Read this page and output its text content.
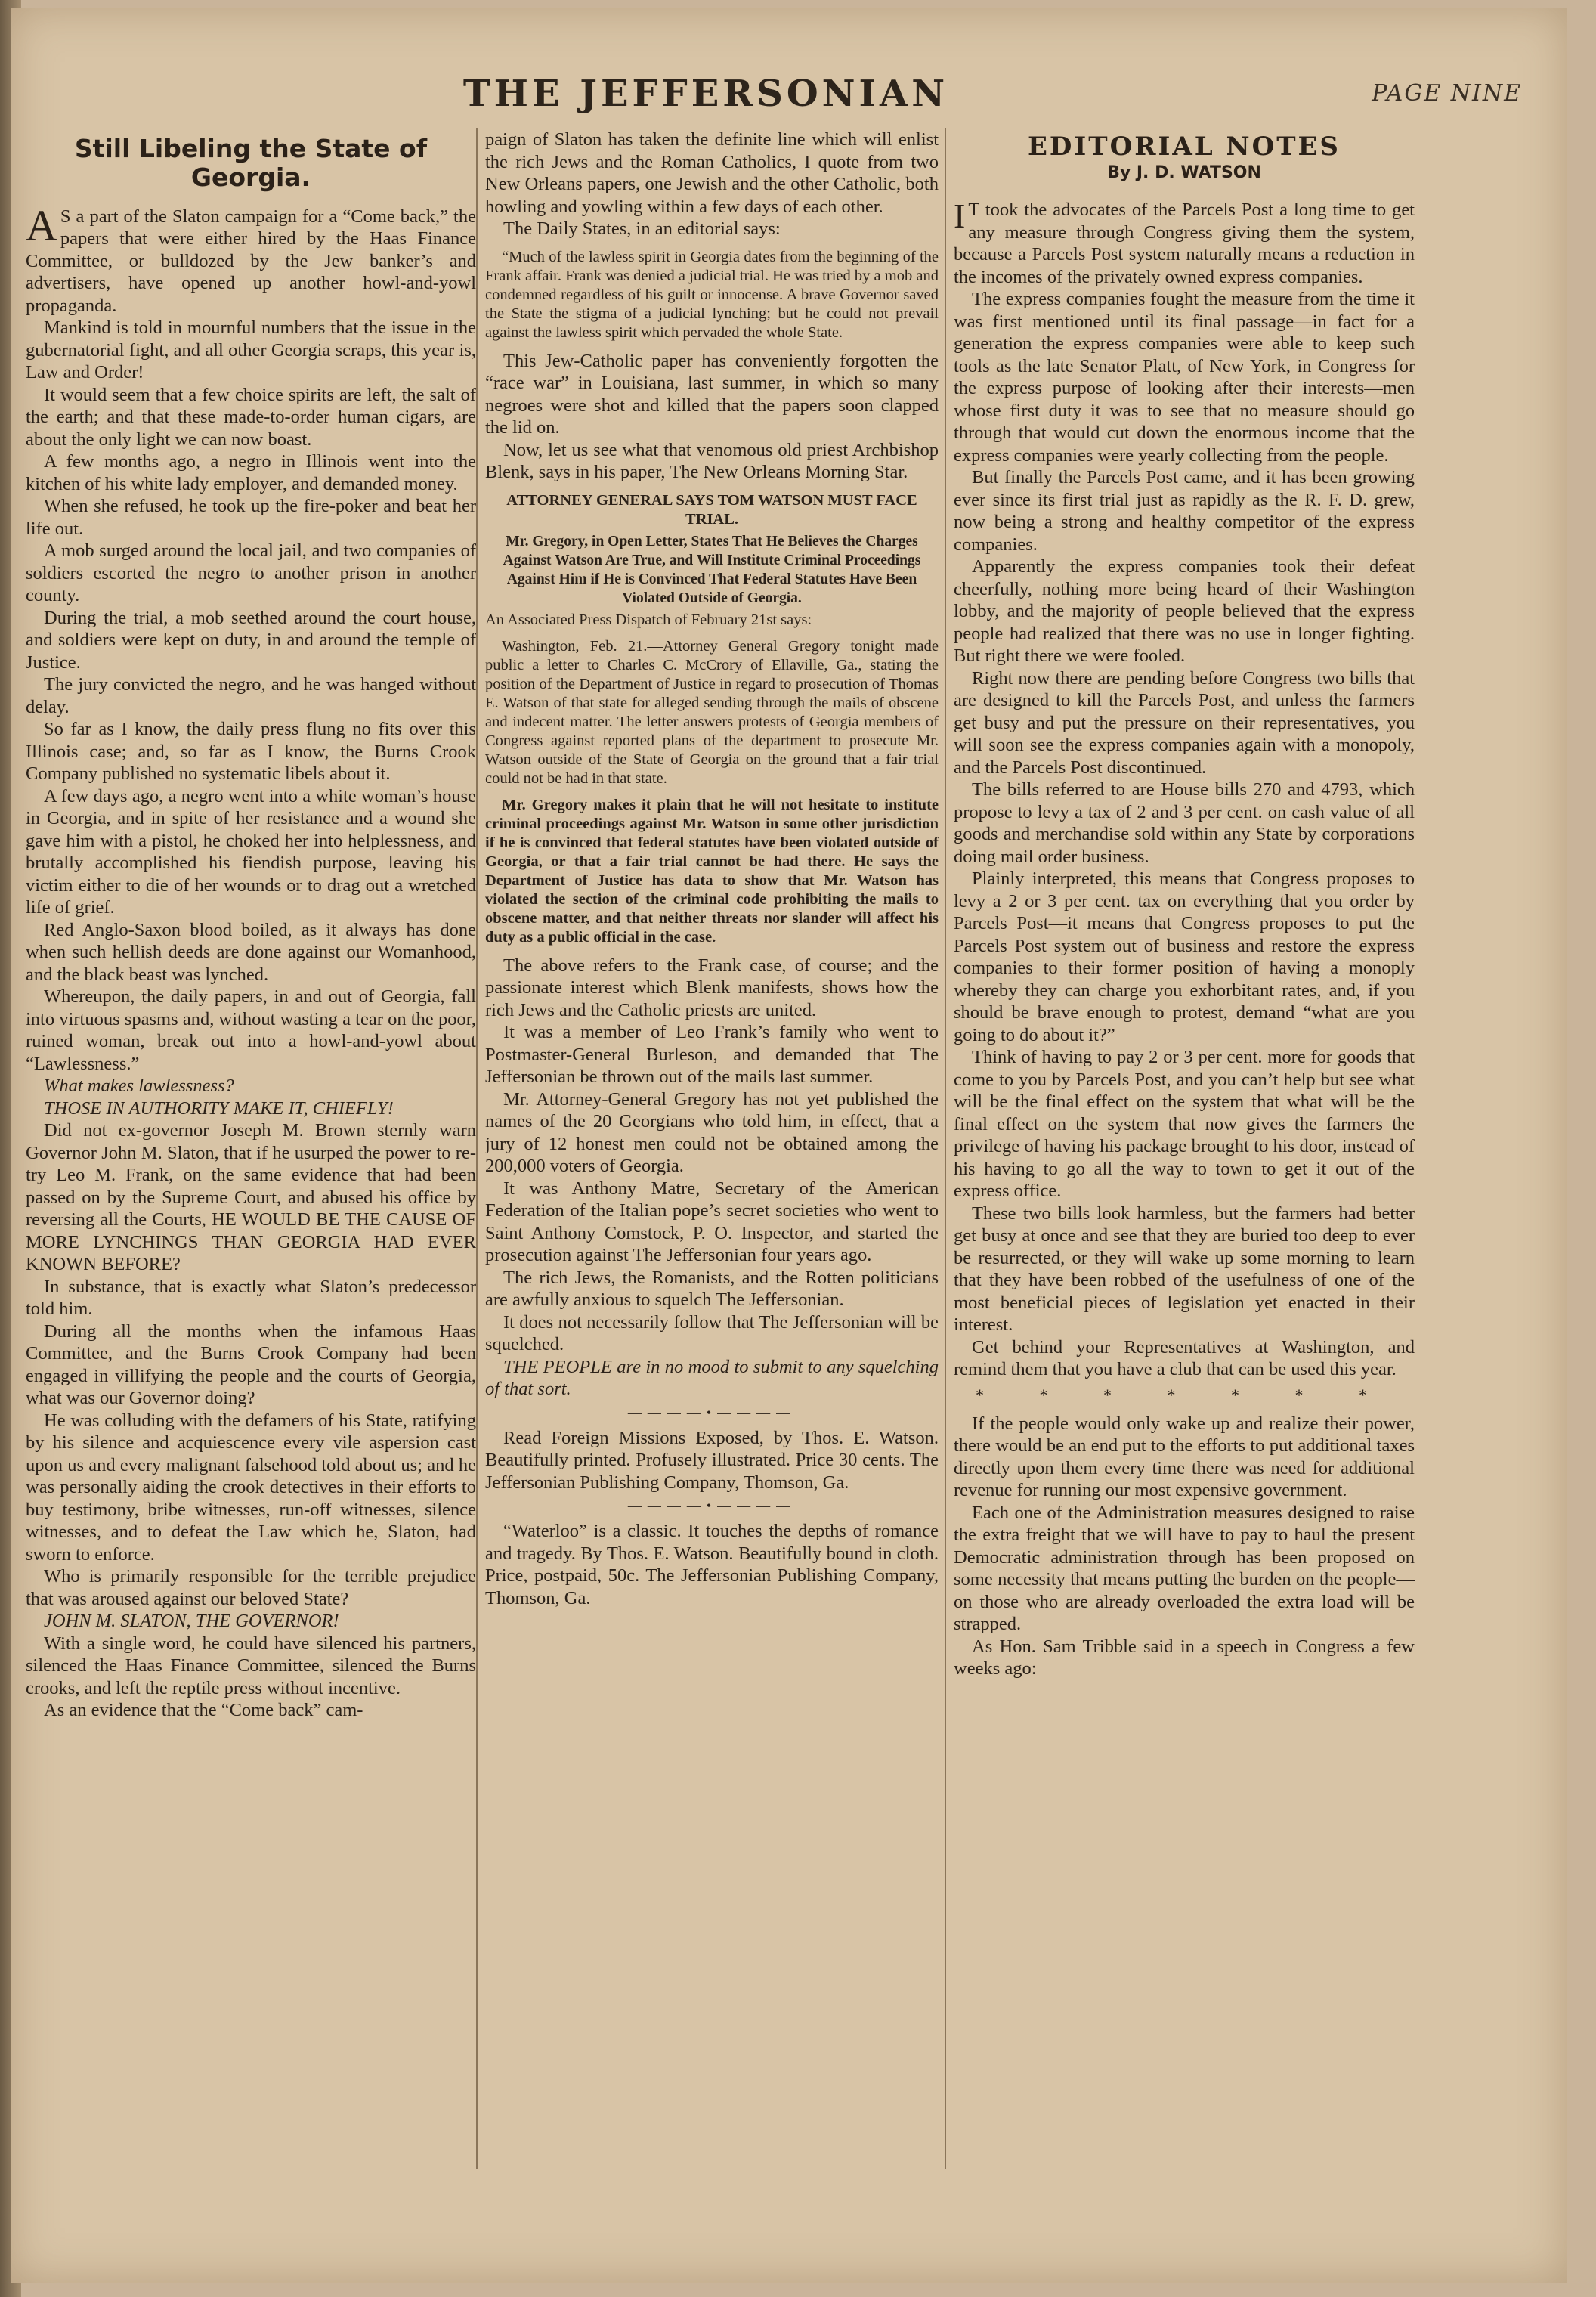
THE JEFFERSONIAN	PAGE NINE
Still Libeling the State of Georgia.

A S a part of the Slaton campaign for a “Come back,” the papers that were either hired by the Haas Finance Committee, or bulldozed by the Jew banker’s and advertisers, have opened up another howl-and-yowl propaganda.

Mankind is told in mournful numbers that the issue in the gubernatorial fight, and all other Georgia scraps, this year is, Law and Order!

It would seem that a few choice spirits are left, the salt of the earth; and that these made-to-order human cigars, are about the only light we can now boast.

A few months ago, a negro in Illinois went into the kitchen of his white lady employer, and demanded money.

When she refused, he took up the fire-poker and beat her life out.

A mob surged around the local jail, and two companies of soldiers escorted the negro to another prison in another county.

During the trial, a mob seethed around the court house, and soldiers were kept on duty, in and around the temple of Justice.

The jury convicted the negro, and he was hanged without delay.

So far as I know, the daily press flung no fits over this Illinois case; and, so far as I know, the Burns Crook Company published no systematic libels about it.

A few days ago, a negro went into a white woman’s house in Georgia, and in spite of her resistance and a wound she gave him with a pistol, he choked her into helplessness, and brutally accomplished his fiendish purpose, leaving his victim either to die of her wounds or to drag out a wretched life of grief.

Red Anglo-Saxon blood boiled, as it always has done when such hellish deeds are done against our Womanhood, and the black beast was lynched.

Whereupon, the daily papers, in and out of Georgia, fall into virtuous spasms and, without wasting a tear on the poor, ruined woman, break out into a howl-and-yowl about “Lawlessness.”

What makes lawlessness?

THOSE IN AUTHORITY MAKE IT, CHIEFLY!

Did not ex-governor Joseph M. Brown sternly warn Governor John M. Slaton, that if he usurped the power to re-try Leo M. Frank, on the same evidence that had been passed on by the Supreme Court, and abused his office by reversing all the Courts, HE WOULD BE THE CAUSE OF MORE LYNCHINGS THAN GEORGIA HAD EVER KNOWN BEFORE?

In substance, that is exactly what Slaton’s predecessor told him.

During all the months when the infamous Haas Committee, and the Burns Crook Company had been engaged in villifying the people and the courts of Georgia, what was our Governor doing?

He was colluding with the defamers of his State, ratifying by his silence and acquiescence every vile aspersion cast upon us and every malignant falsehood told about us; and he was personally aiding the crook detectives in their efforts to buy testimony, bribe witnesses, run-off witnesses, silence witnesses, and to defeat the Law which he, Slaton, had sworn to enforce.

Who is primarily responsible for the terrible prejudice that was aroused against our beloved State?

JOHN M. SLATON, THE GOVERNOR!

With a single word, he could have silenced his partners, silenced the Haas Finance Committee, silenced the Burns crooks, and left the reptile press without incentive.

As an evidence that the “Come back” cam-

paign of Slaton has taken the definite line which will enlist the rich Jews and the Roman Catholics, I quote from two New Orleans papers, one Jewish and the other Catholic, both howling and yowling within a few days of each other.

The Daily States, in an editorial says:

“Much of the lawless spirit in Georgia dates from the beginning of the Frank affair. Frank was denied a judicial trial. He was tried by a mob and condemned regardless of his guilt or innocense. A brave Governor saved the State the stigma of a judicial lynching; but he could not prevail against the lawless spirit which pervaded the whole State.

This Jew-Catholic paper has conveniently forgotten the “race war” in Louisiana, last summer, in which so many negroes were shot and killed that the papers soon clapped the lid on.

Now, let us see what that venomous old priest Archbishop Blenk, says in his paper, The New Orleans Morning Star.

ATTORNEY GENERAL SAYS TOM WATSON MUST FACE TRIAL.
Mr. Gregory, in Open Letter, States That He Believes the Charges Against Watson Are True, and Will Institute Criminal Proceedings Against Him if He is Convinced That Federal Statutes Have Been Violated Outside of Georgia.

An Associated Press Dispatch of February 21st says:

Washington, Feb. 21.—Attorney General Gregory tonight made public a letter to Charles C. McCrory of Ellaville, Ga., stating the position of the Department of Justice in regard to prosecution of Thomas E. Watson of that state for alleged sending through the mails of obscene and indecent matter. The letter answers protests of Georgia members of Congress against reported plans of the department to prosecute Mr. Watson outside of the State of Georgia on the ground that a fair trial could not be had in that state.

Mr. Gregory makes it plain that he will not hesitate to institute criminal proceedings against Mr. Watson in some other jurisdiction if he is convinced that federal statutes have been violated outside of Georgia, or that a fair trial cannot be had there. He says the Department of Justice has data to show that Mr. Watson has violated the section of the criminal code prohibiting the mails to obscene matter, and that neither threats nor slander will affect his duty as a public official in the case.

The above refers to the Frank case, of course; and the passionate interest which Blenk manifests, shows how the rich Jews and the Catholic priests are united.

It was a member of Leo Frank’s family who went to Postmaster-General Burleson, and demanded that The Jeffersonian be thrown out of the mails last summer.

Mr. Attorney-General Gregory has not yet published the names of the 20 Georgians who told him, in effect, that a jury of 12 honest men could not be obtained among the 200,000 voters of Georgia.

It was Anthony Matre, Secretary of the American Federation of the Italian pope’s secret societies who went to Saint Anthony Comstock, P. O. Inspector, and started the prosecution against The Jeffersonian four years ago.

The rich Jews, the Romanists, and the Rotten politicians are awfully anxious to squelch The Jeffersonian.

It does not necessarily follow that The Jeffersonian will be squelched.

THE PEOPLE are in no mood to submit to any squelching of that sort.

————•————

Read Foreign Missions Exposed, by Thos. E. Watson. Beautifully printed. Profusely illustrated. Price 30 cents. The Jeffersonian Publishing Company, Thomson, Ga.

————•————

“Waterloo” is a classic. It touches the depths of romance and tragedy. By Thos. E. Watson. Beautifully bound in cloth. Price, postpaid, 50c. The Jeffersonian Publishing Company, Thomson, Ga.

EDITORIAL NOTES
By J. D. WATSON

I T took the advocates of the Parcels Post a long time to get any measure through Congress giving them the system, because a Parcels Post system naturally means a reduction in the incomes of the privately owned express companies.

The express companies fought the measure from the time it was first mentioned until its final passage—in fact for a generation the express companies were able to keep such tools as the late Senator Platt, of New York, in Congress for the express purpose of looking after their interests—men whose first duty it was to see that no measure should go through that would cut down the enormous income that the express companies were yearly collecting from the people.

But finally the Parcels Post came, and it has been growing ever since its first trial just as rapidly as the R. F. D. grew, now being a strong and healthy competitor of the express companies.

Apparently the express companies took their defeat cheerfully, nothing more being heard of their Washington lobby, and the majority of people believed that the express people had realized that there was no use in longer fighting. But right there we were fooled.

Right now there are pending before Congress two bills that are designed to kill the Parcels Post, and unless the farmers get busy and put the pressure on their representatives, you will soon see the express companies again with a monopoly, and the Parcels Post discontinued.

The bills referred to are House bills 270 and 4793, which propose to levy a tax of 2 and 3 per cent. on cash value of all goods and merchandise sold within any State by corporations doing mail order business.

Plainly interpreted, this means that Congress proposes to levy a 2 or 3 per cent. tax on everything that you order by Parcels Post—it means that Congress proposes to put the Parcels Post system out of business and restore the express companies to their former position of having a monoply whereby they can charge you exhorbitant rates, and, if you should be brave enough to protest, demand “what are you going to do about it?”

Think of having to pay 2 or 3 per cent. more for goods that come to you by Parcels Post, and you can’t help but see what will be the final effect on the system that what will be the final effect on the system that now gives the farmers the privilege of having his package brought to his door, instead of his having to go all the way to town to get it out of the express office.

These two bills look harmless, but the farmers had better get busy at once and see that they are buried too deep to ever be resurrected, or they will wake up some morning to learn that they have been robbed of the usefulness of one of the most beneficial pieces of legislation yet enacted in their interest.

Get behind your Representatives at Washington, and remind them that you have a club that can be used this year.

* * * * * * *

If the people would only wake up and realize their power, there would be an end put to the efforts to put additional taxes directly upon them every time there was need for additional revenue for running our most expensive government.

Each one of the Administration measures designed to raise the extra freight that we will have to pay to haul the present Democratic administration through has been proposed on some necessity that means putting the burden on the people—on those who are already overloaded the extra load will be strapped.

As Hon. Sam Tribble said in a speech in Congress a few weeks ago:
